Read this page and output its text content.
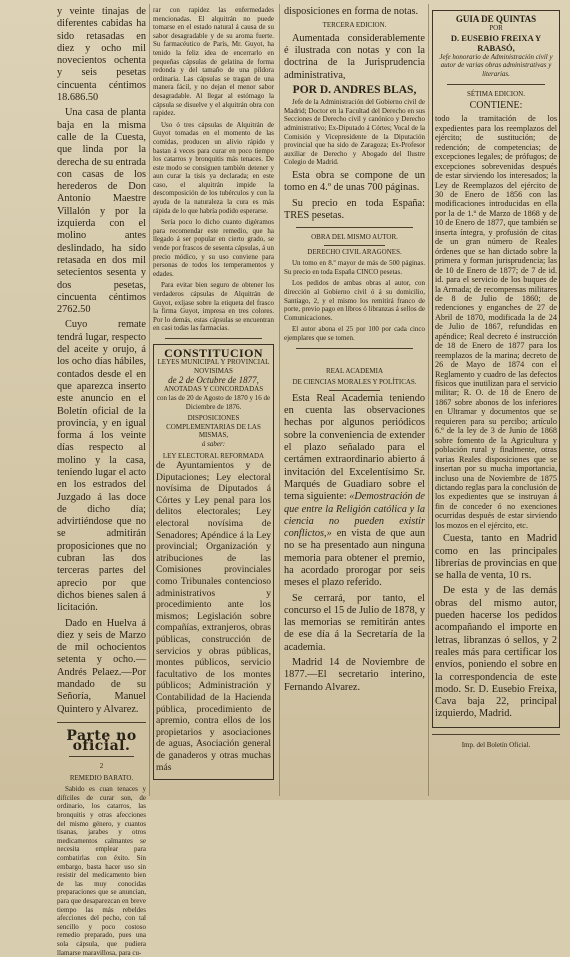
y veinte tinajas de diferentes cabidas ha sido retasadas en diez y ocho mil novecientos ochenta y seis pesetas cincuenta céntimos 18.686.50

Una casa de planta baja en la misma calle de la Cuesta, que linda por la derecha de su entrada con casas de los herederos de Don Antonio Maestre Villalón y por la izquierda con el molino antes deslindado, ha sido retasada en dos mil setecientos sesenta y dos pesetas, cincuenta céntimos 2762.50

Cuyo remate tendrá lugar, respecto del aceite y orujo, á los ocho días hábiles, contados desde el en que aparezca inserto este anuncio en el Boletín oficial de la provincia, y en igual forma á los veinte días respecto al molino y la casa, teniendo lugar el acto en los estrados del Juzgado á las doce de dicho día; advirtiéndose que no se admitirán proposiciones que no cubran las dos terceras partes del aprecio por que dichos bienes salen á licitación.

Dado en Huelva á diez y seis de Marzo de mil ochocientos setenta y ocho.—Andrés Pelaez.—Por mandado de su Señoría, Manuel Quintero y Alvarez.

Parte no oficial.

2

REMEDIO BARATO.

Sabido es cuan tenaces y difíciles de curar son, de ordinario, los catarros, las bronquitis y otras afecciones del mismo género, y cuantos tisanas, jarabes y otros medicamentos calmantes se necesita emplear para combatirlas con éxito. Sin embargo, basta hacer uso sin resistir del medicamento bien de las muy conocidas preparaciones que se anuncian, para que desaparezcan en breve tiempo las más rebeldes afecciones del pecho, con tal sencillo y poco costoso remedio preparado, pues una sola cápsula, que pudiera llamarse maravillosa, para cu-

rar con rapidez las enfermedades mencionadas. El alquitrán no puede tomarse en el estado natural á causa de su sabor desagradable y de su aroma fuerte. Su farmacéutico de París, Mr. Guyot, ha tenido la feliz idea de encerrarlo en pequeñas cápsulas de gelatina de forma redonda y del tamaño de una píldora ordinaria. Las cápsulas se tragan de una manera fácil, y no dejan el menor sabor desagradable. Al llegar al estómago la cápsula se disuelve y el alquitrán obra con rapidez.

Uso ó tres cápsulas de Alquitrán de Guyot tomadas en el momento de las comidas, producen un alivio rápido y bastan á veces para curar en poco tiempo los catarros y bronquitis más tenaces. De este modo se consiguen también detener y aun curar la tisis ya declarada; en este caso, el alquitrán impide la descomposición de los tubérculos y con la ayuda de la naturaleza la cura es más rápida de lo que habría podido esperarse.

Sería poco lo dicho cuanto digéramos para recomendar este remedio, que ha llegado á ser popular en cierto grado, se vende por frascos de sesenta cápsulas, á un precio módico, y su uso conviene para personas de todos los temperamentos y edades.

Para evitar bien seguro de obtener los verdaderos cápsulas de Alquitrán de Guyot, exíjase sobre la etiqueta del frasco la firma Guyot, impresa en tres colores. Por lo demás, estas cápsulas se encuentran en casi todas las farmacias.

CONSTITUCION
LEYES MUNICIPAL Y PROVINCIAL
NOVISIMAS
de 2 de Octubre de 1877,
ANOTADAS Y CONCORDADAS
con las de 20 de Agosto de 1870 y 16 de Diciembre de 1876.
DISPOSICIONES COMPLEMENTARIAS DE LAS MISMAS,
á saber:
LEY ELECTORAL REFORMADA

de Ayuntamientos y de Diputaciones; Ley electoral novísima de Diputados á Córtes y Ley penal para los delitos electorales; Ley electoral novísima de Senadores; Apéndice á la Ley provincial; Organización y atribuciones de las Comisiones provinciales como Tribunales contencioso administrativos y procedimiento ante los mismos; Legislación sobre compañías, extranjeros, obras públicas, construcción de servicios y obras públicas, montes públicos, servicio facultativo de los montes públicos; Administración y Contabilidad de la Hacienda pública, procedimiento de apremio, contra ellos de los propietarios y asociaciones de aguas, Asociación general de ganaderos y otras muchas más

disposiciones en forma de notas.

TERCERA EDICION.

Aumentada considerablemente é ilustrada con notas y con la doctrina de la Jurisprudencia administrativa,

POR D. ANDRES BLAS,

Jefe de la Administración del Gobierno civil de Madrid; Doctor en la Facultad del Derecho en sus Secciones de Derecho civil y canónico y Derecho administrativo; Ex-Diputado á Córtes; Vocal de la Comisión y Vicepresidente de la Diputación provincial que ha sido de Zaragoza; Ex-Profesor auxiliar de Derecho y Abogado del Ilustre Colegio de Madrid.

Esta obra se compone de un tomo en 4.º de unas 700 páginas.

Su precio en toda España: TRES pesetas.

OBRA DEL MISMO AUTOR.

DERECHO CIVIL ARAGONES.

Un tomo en 8.º mayor de más de 500 páginas. Su precio en toda España CINCO pesetas.

Los pedidos de ambas obras al autor, con dirección al Gobierno civil ó á su domicilio, Santiago, 2, y el mismo los remitirá franco de porte, previo pago en libros ó libranzas á sellos de Comunicaciones.

El autor abona el 25 por 100 por cada cinco ejemplares que se tomen.

REAL ACADEMIA

DE CIENCIAS MORALES Y POLÍTICAS.

Esta Real Academia teniendo en cuenta las observaciones hechas por algunos periódicos sobre la conveniencia de extender el plazo señalado para el certámen extraordinario abierto á invitación del Excelentísimo Sr. Marqués de Guadiaro sobre el tema siguiente: «Demostración de que entre la Religión católica y la ciencia no pueden existir conflictos,» en vista de que aun no se ha presentado aun ninguna memoria para obtener el premio, ha acordado prorogar por seis meses el plazo referido.

Se cerrará, por tanto, el concurso el 15 de Julio de 1878, y las memorias se remitirán antes de ese día á la Secretaría de la academia.

Madrid 14 de Noviembre de 1877.—El secretario interino, Fernando Alvarez.

GUIA DE QUINTAS
POR
D. EUSEBIO FREIXA Y RABASÓ,
Jefe honorario de Administración civil y autor de varias obras administrativas y literarias.
SÉTIMA EDICION.
CONTIENE:

todo la tramitación de los expedientes para los reemplazos del ejército; de sustitución; de redención; de competencias; de excepciones legales; de prófugos; de excepciones sobrevenidas después de estar sirviendo los interesados; la Ley de Reemplazos del ejército de 30 de Enero de 1856 con las modificaciones introducidas en ella por la de 1.º de Marzo de 1868 y de 10 de Enero de 1877, que también se inserta íntegra, y profusión de citas de un gran número de Reales órdenes que se han dictado sobre la primera y forman jurisprudencia; las de 10 de Enero de 1877; de 7 de id. id. para el servicio de los buques de la Armada; de recompensas militares de 8 de Julio de 1860; de redenciones y enganches de 27 de Abril de 1870, modificada la de 24 de Julio de 1867, refundidas en apéndice; Real decreto é instrucción de 18 de Enero de 1877 para los reemplazos de la marina; decreto de 26 de Mayo de 1874 con el Reglamento y cuadro de las defectos físicos que inutilizan para el servicio militar; R. O. de 18 de Enero de 1867 sobre abonos de los inferiores en Ultramar y documentos que se requieren para su percibo; artículo 6.º de la ley de 3 de Junio de 1868 sobre fomento de la Agricultura y población rural y finalmente, otras varias Reales disposiciones que se insertan por su mucha importancia, incluso una de Noviembre de 1875 dictando reglas para la conclusión de los expedientes que se instruyan á fin de conceder ó no exenciones ocurridas después de estar sirviendo los mozos en el ejército, etc.

Cuesta, tanto en Madrid como en las principales librerías de provincias en que se halla de venta, 10 rs.

De esta y de las demás obras del mismo autor, pueden hacerse los pedidos acompañando el importe en letras, libranzas ó sellos, y 2 reales más para certificar los envíos, poniendo el sobre en la correspondencia de este modo. Sr. D. Eusebio Freixa, Cava baja 22, principal izquierdo, Madrid.

Imp. del Boletín Oficial.
